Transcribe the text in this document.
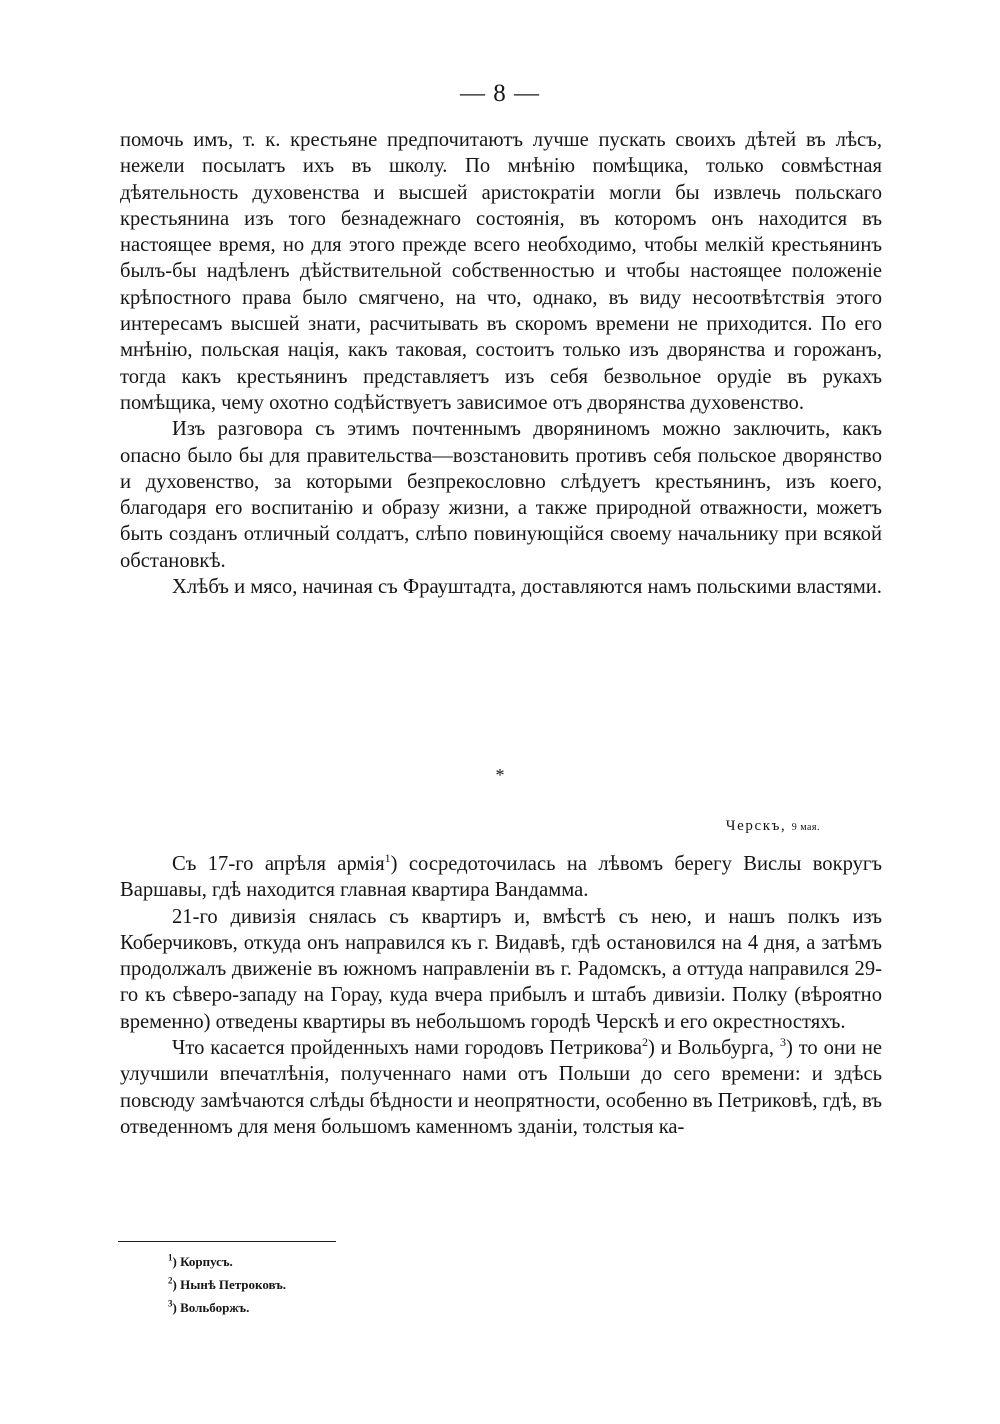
— 8 —

помочь имъ, т. к. крестьяне предпочитаютъ лучше пускать своихъ дѣтей въ лѣсъ, нежели посылатъ ихъ въ школу. По мнѣнію помѣщика, только совмѣстная дѣятельность духовенства и высшей аристократіи могли бы извлечь польскаго крестьянина изъ того безнадежнаго состоянія, въ которомъ онъ находится въ настоящее время, но для этого прежде всего необходимо, чтобы мелкій крестьянинъ былъ-бы надѣленъ дѣйствительной собственностью и чтобы настоящее положеніе крѣпостного права было смягчено, на что, однако, въ виду несоотвѣтствія этого интересамъ высшей знати, расчитывать въ скоромъ времени не приходится. По его мнѣнію, польская нація, какъ таковая, состоитъ только изъ дворянства и горожанъ, тогда какъ крестьянинъ представляетъ изъ себя безвольное орудіе въ рукахъ помѣщика, чему охотно содѣйствуетъ зависимое отъ дворянства духовенство.

Изъ разговора съ этимъ почтеннымъ дворяниномъ можно заключить, какъ опасно было бы для правительства—возстановить противъ себя польское дворянство и духовенство, за которыми безпрекословно слѣдуетъ крестьянинъ, изъ коего, благодаря его воспитанію и образу жизни, а также природной отважности, можетъ быть созданъ отличный солдатъ, слѣпо повинующійся своему начальнику при всякой обстановкѣ.

Хлѣбъ и мясо, начиная съ Фрауштадта, доставляются намъ польскими властями.

*
Черскъ, 9 мая.

Съ 17-го апрѣля армія$^1$) сосредоточилась на лѣвомъ берегу Вислы вокругъ Варшавы, гдѣ находится главная квартира Вандамма.

21-го дивизія снялась съ квартиръ и, вмѣстѣ съ нею, и нашъ полкъ изъ Коберчиковъ, откуда онъ направился къ г. Видавѣ, гдѣ остановился на 4 дня, а затѣмъ продолжалъ движеніе въ южномъ направленіи въ г. Радомскъ, а оттуда направился 29-го къ сѣверо-западу на Горау, куда вчера прибылъ и штабъ дивизіи. Полку (вѣроятно временно) отведены квартиры въ небольшомъ городѣ Черскѣ и его окрестностяхъ.

Что касается пройденныхъ нами городовъ Петрикова$^2$) и Вольбурга, $^3$) то они не улучшили впечатлѣнія, полученнаго нами отъ Польши до сего времени: и здѣсь повсюду замѣчаются слѣды бѣдности и неопрятности, особенно въ Петриковѣ, гдѣ, въ отведенномъ для меня большомъ каменномъ зданіи, толстыя ка-

$^1$) Корпусъ.
$^2$) Нынѣ Петроковъ.
$^3$) Вольборжъ.
